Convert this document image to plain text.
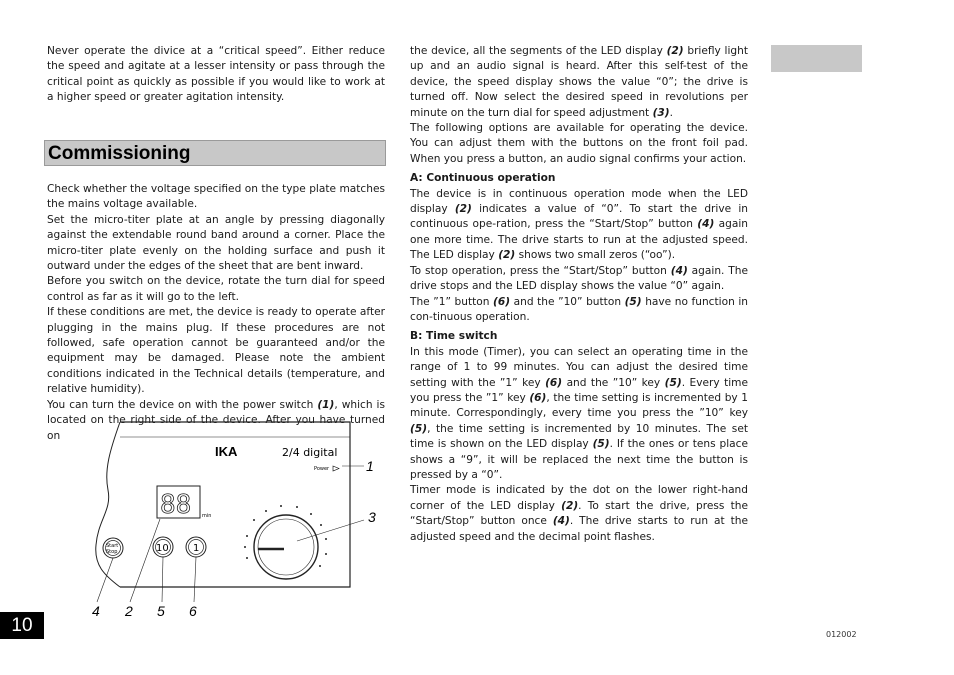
Never operate the divice at a “critical speed”. Either reduce the speed and agitate at a lesser intensity or pass through the critical point as quickly as possible if you would like to work at a higher speed or greater agitation intensity.

Commissioning

Check whether the voltage specified on the type plate matches the mains voltage available.

Set the micro-titer plate at an angle by pressing diagonally against the extendable round band around a corner. Place the micro-titer plate evenly on the holding surface and push it outward under the edges of the sheet that are bent inward.

Before you switch on the device, rotate the turn dial for speed control as far as it will go to the left.

If these conditions are met, the device is ready to operate after plugging in the mains plug. If these procedures are not followed, safe operation cannot be guaranteed and/or the equipment may be damaged. Please note the ambient conditions indicated in the Technical details (temperature, and relative humidity).

You can turn the device on with the power switch (1), which is located on the right side of the device. After you have turned on

the device, all the segments of the LED display (2) briefly light up and an audio signal is heard. After this self-test of the device, the speed display shows the value “0”; the drive is turned off. Now select the desired speed in revolutions per minute on the turn dial for speed adjustment (3).

The following options are available for operating the device. You can adjust them with the buttons on the front foil pad. When you press a button, an audio signal confirms your action.

A: Continuous operation

The device is in continuous operation mode when the LED display (2) indicates a value of “0”. To start the drive in continuous ope-ration, press the “Start/Stop” button (4) again one more time. The drive starts to run at the adjusted speed. The LED display (2) shows two small zeros (“oo”).

To stop operation, press the “Start/Stop” button (4) again. The drive stops and the LED display shows the value “0” again.

The ”1” button (6) and the ”10” button (5) have no function in con-tinuous operation.

B: Time switch

In this mode (Timer), you can select an operating time in the range of 1 to 99 minutes. You can adjust the desired time setting with the ”1” key (6) and the ”10” key (5). Every time you press the ”1” key (6), the time setting is incremented by 1 minute. Correspondingly, every time you press the ”10” key (5), the time setting is incremented by 10 minutes. The set time is shown on the LED display (5). If the ones or tens place shows a “9”, it will be replaced the next time the button is pressed by a “0”.

Timer mode is indicated by the dot on the lower right-hand corner of the LED display (2). To start the drive, press the “Start/Stop” button once (4). The drive starts to run at the adjusted speed and the decimal point flashes.

IKA	2/4 digital
Power
88 min
Start
Stop	10 1
1
3
4 2 5 6
10	012002
